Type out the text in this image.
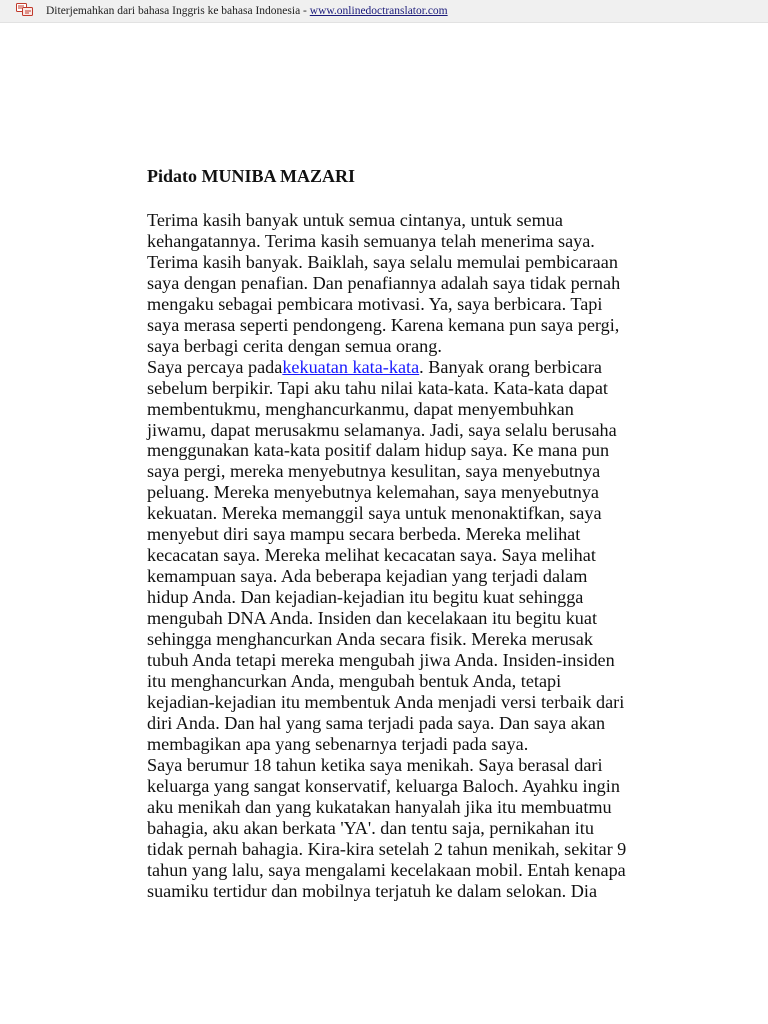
Diterjemahkan dari bahasa Inggris ke bahasa Indonesia - www.onlinedoctranslator.com
Pidato MUNIBA MAZARI
Terima kasih banyak untuk semua cintanya, untuk semua
kehangatannya. Terima kasih semuanya telah menerima saya.
Terima kasih banyak. Baiklah, saya selalu memulai pembicaraan
saya dengan penafian. Dan penafiannya adalah saya tidak pernah
mengaku sebagai pembicara motivasi. Ya, saya berbicara. Tapi
saya merasa seperti pendongeng. Karena kemana pun saya pergi,
saya berbagi cerita dengan semua orang.
Saya percaya padakekuatan kata-kata. Banyak orang berbicara
sebelum berpikir. Tapi aku tahu nilai kata-kata. Kata-kata dapat
membentukmu, menghancurkanmu, dapat menyembuhkan
jiwamu, dapat merusakmu selamanya. Jadi, saya selalu berusaha
menggunakan kata-kata positif dalam hidup saya. Ke mana pun
saya pergi, mereka menyebutnya kesulitan, saya menyebutnya
peluang. Mereka menyebutnya kelemahan, saya menyebutnya
kekuatan. Mereka memanggil saya untuk menonaktifkan, saya
menyebut diri saya mampu secara berbeda. Mereka melihat
kecacatan saya. Mereka melihat kecacatan saya. Saya melihat
kemampuan saya. Ada beberapa kejadian yang terjadi dalam
hidup Anda. Dan kejadian-kejadian itu begitu kuat sehingga
mengubah DNA Anda. Insiden dan kecelakaan itu begitu kuat
sehingga menghancurkan Anda secara fisik. Mereka merusak
tubuh Anda tetapi mereka mengubah jiwa Anda. Insiden-insiden
itu menghancurkan Anda, mengubah bentuk Anda, tetapi
kejadian-kejadian itu membentuk Anda menjadi versi terbaik dari
diri Anda. Dan hal yang sama terjadi pada saya. Dan saya akan
membagikan apa yang sebenarnya terjadi pada saya.
Saya berumur 18 tahun ketika saya menikah. Saya berasal dari
keluarga yang sangat konservatif, keluarga Baloch. Ayahku ingin
aku menikah dan yang kukatakan hanyalah jika itu membuatmu
bahagia, aku akan berkata 'YA'. dan tentu saja, pernikahan itu
tidak pernah bahagia. Kira-kira setelah 2 tahun menikah, sekitar 9
tahun yang lalu, saya mengalami kecelakaan mobil. Entah kenapa
suamiku tertidur dan mobilnya terjatuh ke dalam selokan. Dia
